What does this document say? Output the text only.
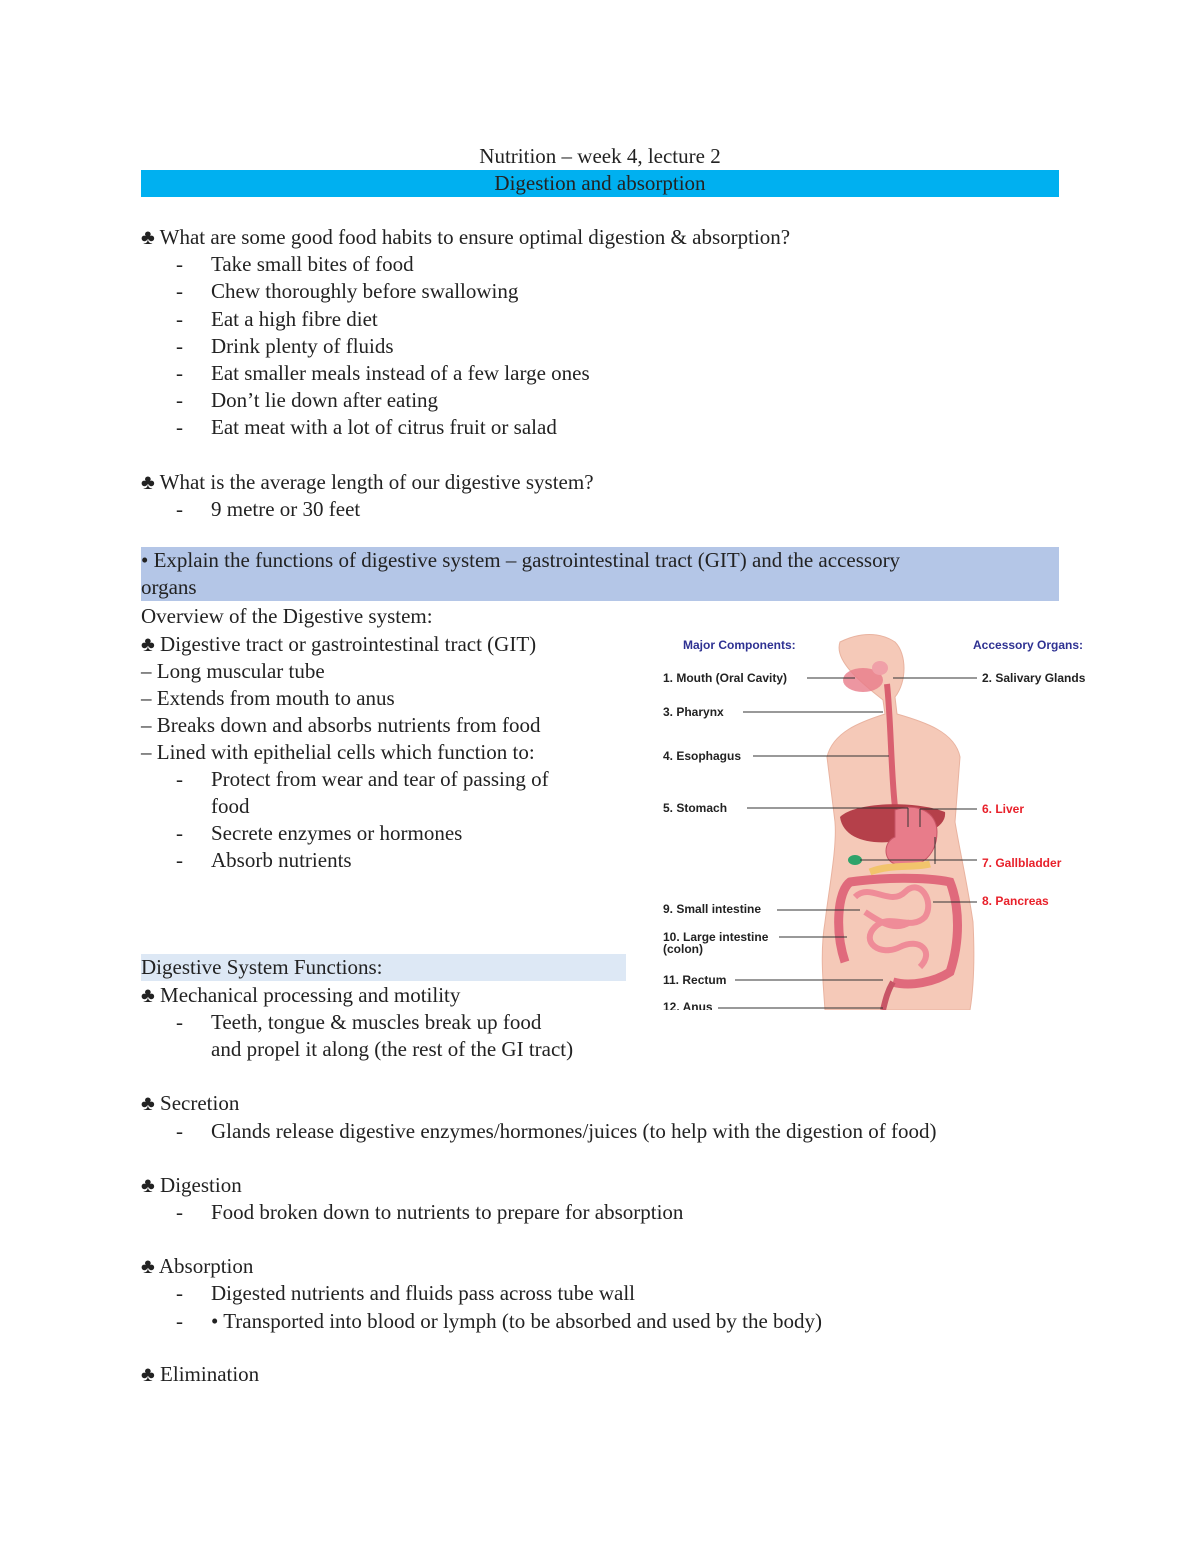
Nutrition – week 4, lecture 2
Digestion and absorption
♣ What are some good food habits to ensure optimal digestion & absorption?
- Take small bites of food
- Chew thoroughly before swallowing
- Eat a high fibre diet
- Drink plenty of fluids
- Eat smaller meals instead of a few large ones
- Don’t lie down after eating
- Eat meat with a lot of citrus fruit or salad
♣ What is the average length of our digestive system?
- 9 metre or 30 feet
• Explain the functions of digestive system – gastrointestinal tract (GIT) and the accessory
organs
Overview of the Digestive system:
♣ Digestive tract or gastrointestinal tract (GIT)
– Long muscular tube
– Extends from mouth to anus
– Breaks down and absorbs nutrients from food
– Lined with epithelial cells which function to:
- Protect from wear and tear of passing of
food
- Secrete enzymes or hormones
- Absorb nutrients
Major Components:	Accessory Organs:
1. Mouth (Oral Cavity)
3. Pharynx
4. Esophagus
5. Stomach
9. Small intestine
10. Large intestine
(colon)
11. Rectum
12. Anus
2. Salivary Glands
6. Liver
7. Gallbladder
8. Pancreas
Digestive System Functions:
♣ Mechanical processing and motility
- Teeth, tongue & muscles break up food
and propel it along (the rest of the GI tract)
♣ Secretion
- Glands release digestive enzymes/hormones/juices (to help with the digestion of food)
♣ Digestion
- Food broken down to nutrients to prepare for absorption
♣ Absorption
- Digested nutrients and fluids pass across tube wall
- • Transported into blood or lymph (to be absorbed and used by the body)
♣ Elimination
